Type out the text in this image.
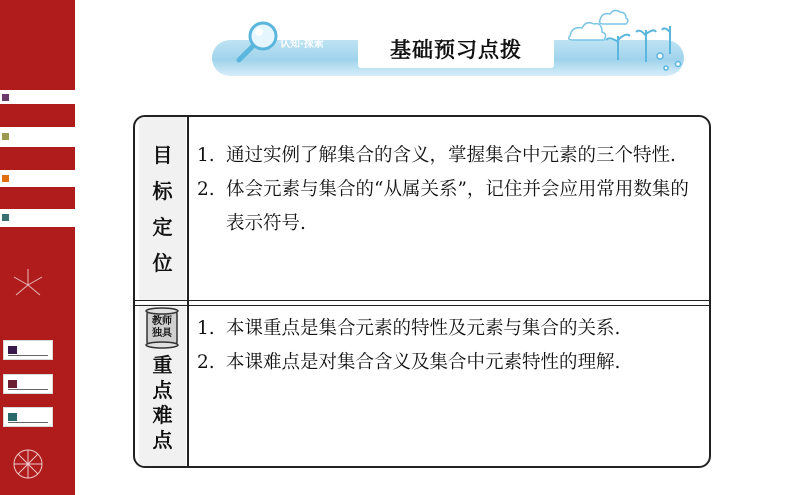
认知·探索	基础预习点拨
目
标
定
位
1. 通过实例了解集合的含义，掌握集合中元素的三个特性.
2. 体会元素与集合的“从属关系”，记住并会应用常用数集的表示符号.
教师
独具
重
点
难
点
1. 本课重点是集合元素的特性及元素与集合的关系.
2. 本课难点是对集合含义及集合中元素特性的理解.
